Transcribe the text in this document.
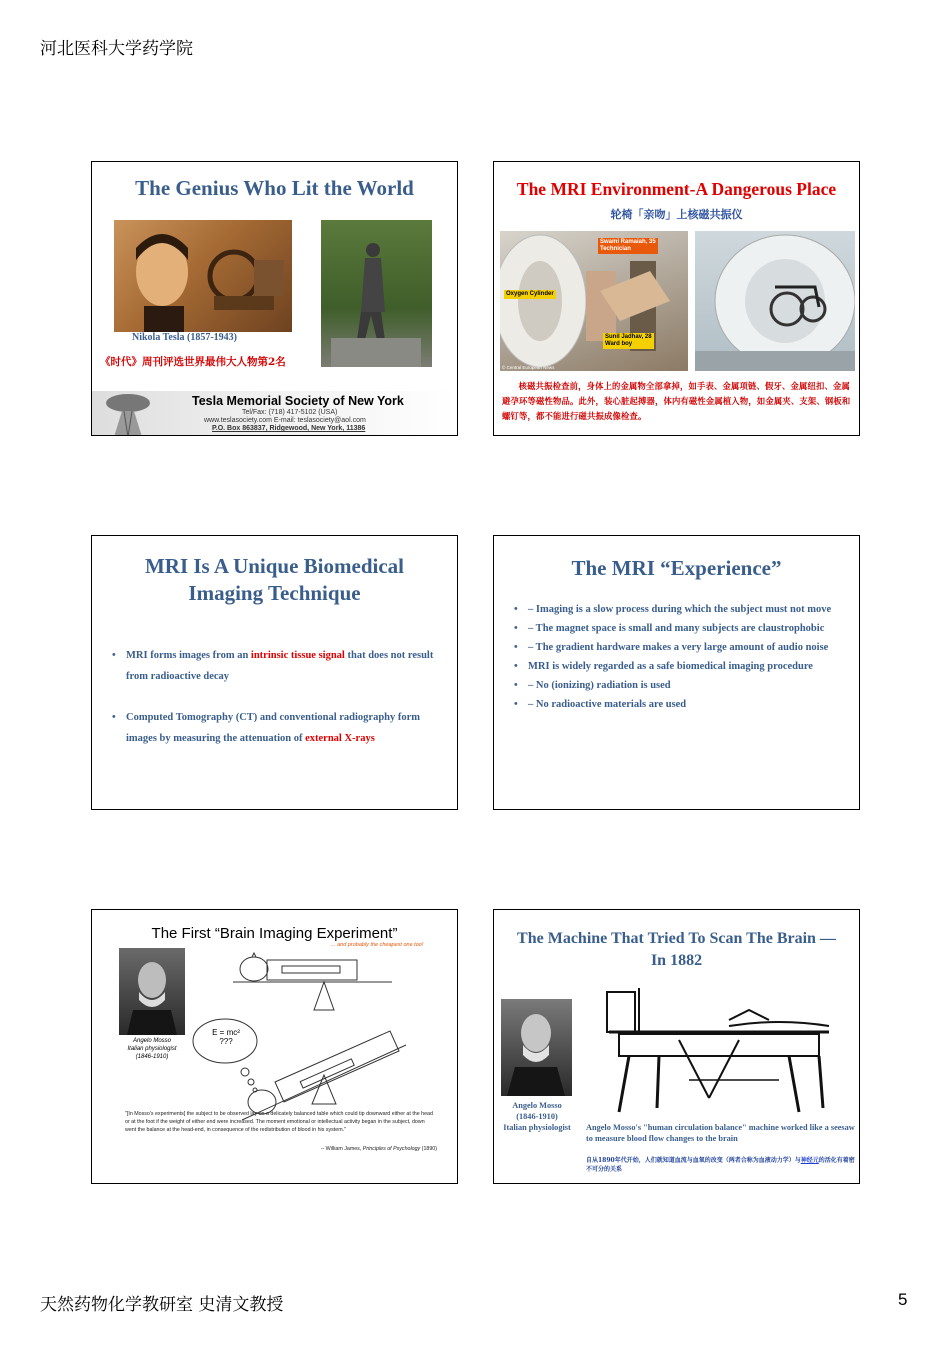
河北医科大学药学院
The Genius Who Lit the World
Nikola Tesla (1857-1943)
《时代》周刊评选世界最伟大人物第2名
Tesla Memorial Society of New York
Tel/Fax: (718) 417-5102 (USA)
www.teslasociety.com E-mail: teslasociety@aol.com
P.O. Box 863837, Ridgewood, New York, 11386
The MRI Environment-A Dangerous Place
轮椅「亲吻」上核磁共振仪
Swami Ramaiah, 35
Technician
Oxygen Cylinder
Sunil Jadhav, 28
Ward boy
© Central European News
核磁共振检查前，身体上的金属物全部拿掉，如手表、金属项链、假牙、金属纽扣、金属避孕环等磁性物品。此外，装心脏起搏器，体内有磁性金属植入物，如金属夹、支架、钢板和螺钉等，都不能进行磁共振成像检查。
MRI Is A Unique Biomedical Imaging Technique
• MRI forms images from an intrinsic tissue signal that does not result from radioactive decay
• Computed Tomography (CT) and conventional radiography form images by measuring the attenuation of external X-rays
The MRI “Experience”
• – Imaging is a slow process during which the subject must not move
• – The magnet space is small and many subjects are claustrophobic
• – The gradient hardware makes a very large amount of audio noise
• MRI is widely regarded as a safe biomedical imaging procedure
• – No (ionizing) radiation is used
• – No radioactive materials are used
The First “Brain Imaging Experiment”
... and probably the cheapest one too!
Angelo Mosso
Italian physiologist
(1846-1910)
E = mc²
???
"[In Mosso's experiments] the subject to be observed lay on a delicately balanced table which could tip downward either at the head or at the foot if the weight of either end were increased. The moment emotional or intellectual activity began in the subject, down went the balance at the head-end, in consequence of the redistribution of blood in his system."
-- William James, Principles of Psychology (1890)
The Machine That Tried To Scan The Brain — In 1882
Angelo Mosso
(1846-1910)
Italian physiologist	Angelo Mosso's "human circulation balance" machine worked like a seesaw to measure blood flow changes to the brain
自从1890年代开始，人们就知道血流与血氧的改变（两者合称为血液动力学）与神经元的活化有着密不可分的关系
天然药物化学教研室 史清文教授	5
